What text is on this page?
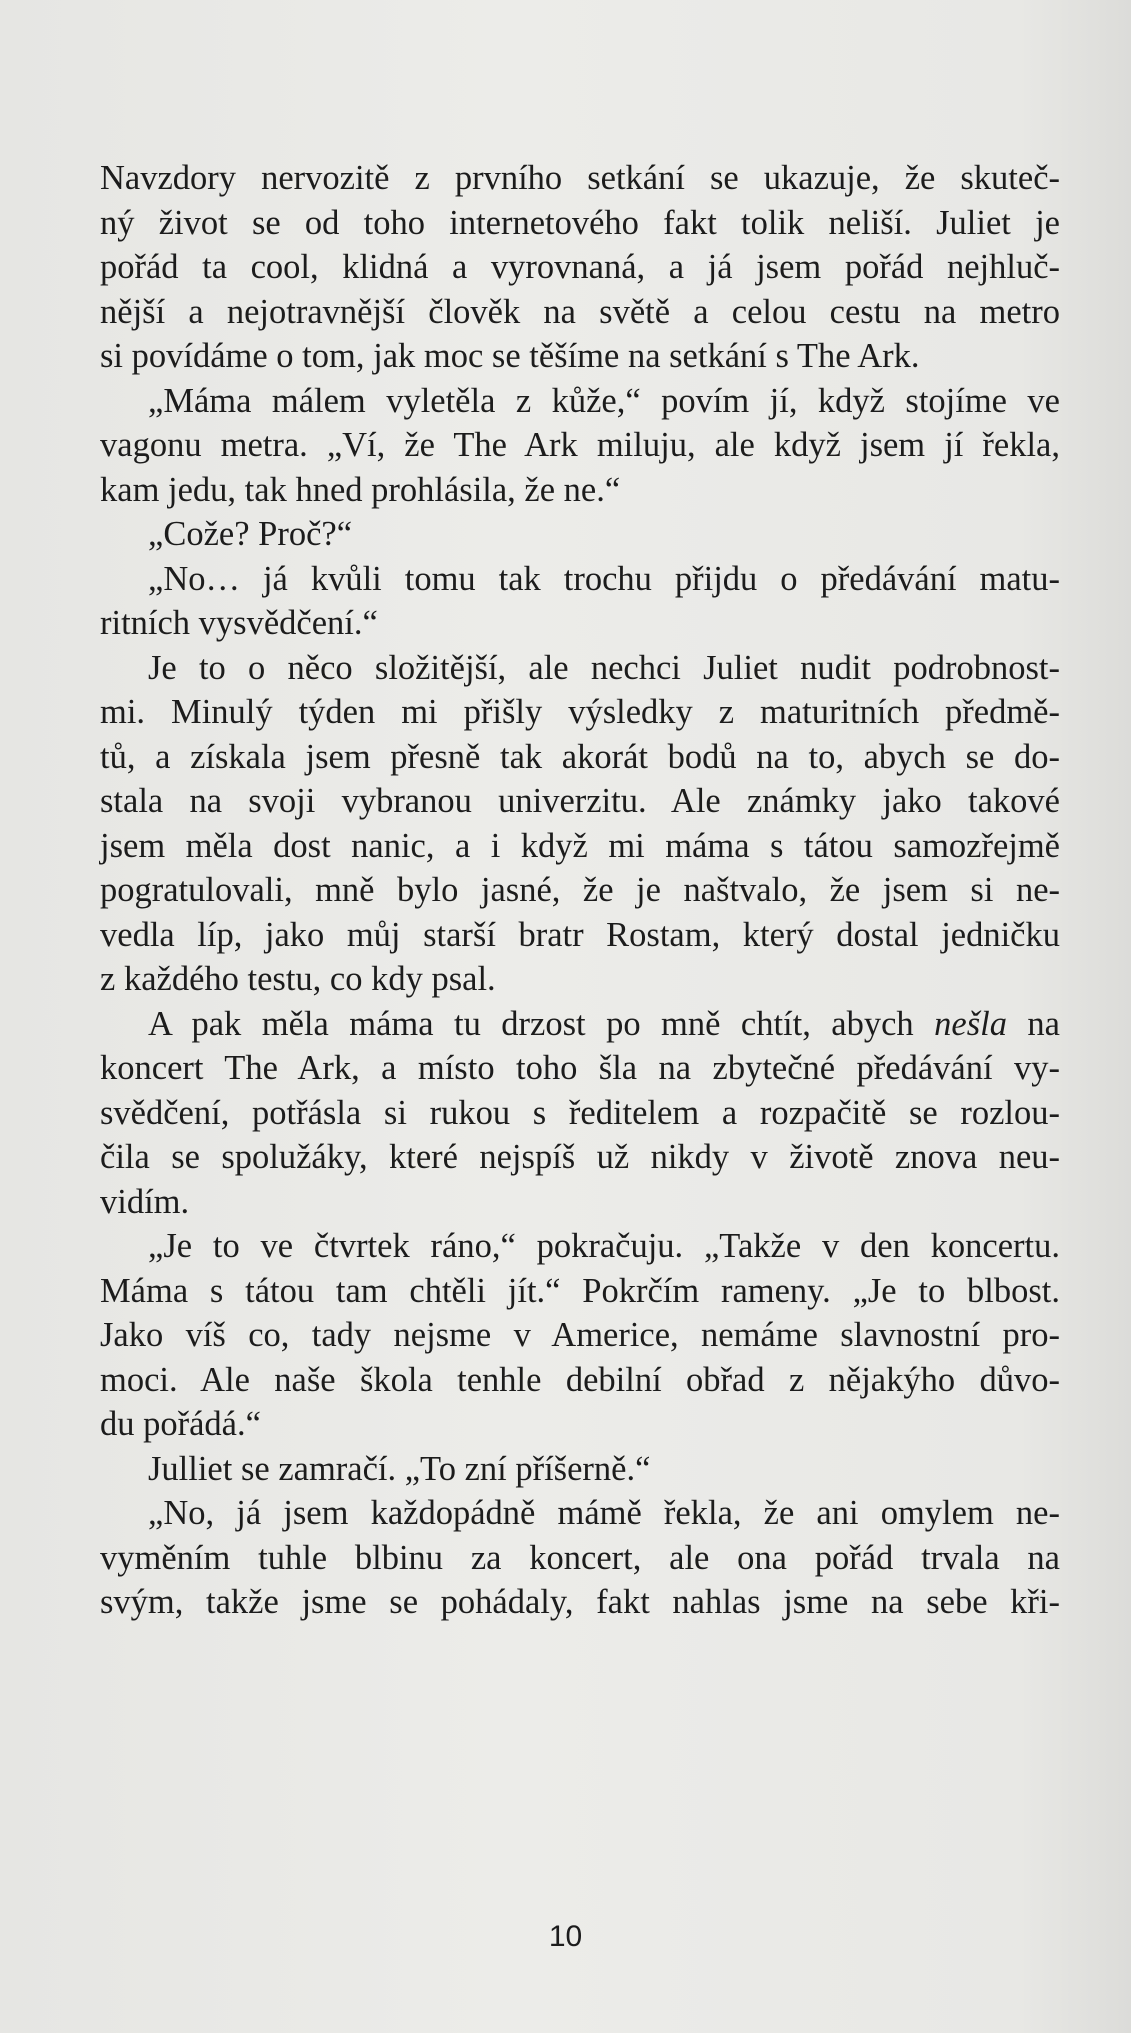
Navzdory nervozitě z prvního setkání se ukazuje, že skuteč-
ný život se od toho internetového fakt tolik neliší. Juliet je
pořád ta cool, klidná a vyrovnaná, a já jsem pořád nejhluč-
nější a nejotravnější člověk na světě a celou cestu na metro
si povídáme o tom, jak moc se těšíme na setkání s The Ark.
„Máma málem vyletěla z kůže,“ povím jí, když stojíme ve
vagonu metra. „Ví, že The Ark miluju, ale když jsem jí řekla,
kam jedu, tak hned prohlásila, že ne.“
„Cože? Proč?“
„No… já kvůli tomu tak trochu přijdu o předávání matu-
ritních vysvědčení.“
Je to o něco složitější, ale nechci Juliet nudit podrobnost-
mi. Minulý týden mi přišly výsledky z maturitních předmě-
tů, a získala jsem přesně tak akorát bodů na to, abych se do-
stala na svoji vybranou univerzitu. Ale známky jako takové
jsem měla dost nanic, a i když mi máma s tátou samozřejmě
pogratulovali, mně bylo jasné, že je naštvalo, že jsem si ne-
vedla líp, jako můj starší bratr Rostam, který dostal jedničku
z každého testu, co kdy psal.
A pak měla máma tu drzost po mně chtít, abych nešla na
koncert The Ark, a místo toho šla na zbytečné předávání vy-
svědčení, potřásla si rukou s ředitelem a rozpačitě se rozlou-
čila se spolužáky, které nejspíš už nikdy v životě znova neu-
vidím.
„Je to ve čtvrtek ráno,“ pokračuju. „Takže v den koncertu.
Máma s tátou tam chtěli jít.“ Pokrčím rameny. „Je to blbost.
Jako víš co, tady nejsme v Americe, nemáme slavnostní pro-
moci. Ale naše škola tenhle debilní obřad z nějakýho důvo-
du pořádá.“
Julliet se zamračí. „To zní příšerně.“
„No, já jsem každopádně mámě řekla, že ani omylem ne-
vyměním tuhle blbinu za koncert, ale ona pořád trvala na
svým, takže jsme se pohádaly, fakt nahlas jsme na sebe kři-
10
